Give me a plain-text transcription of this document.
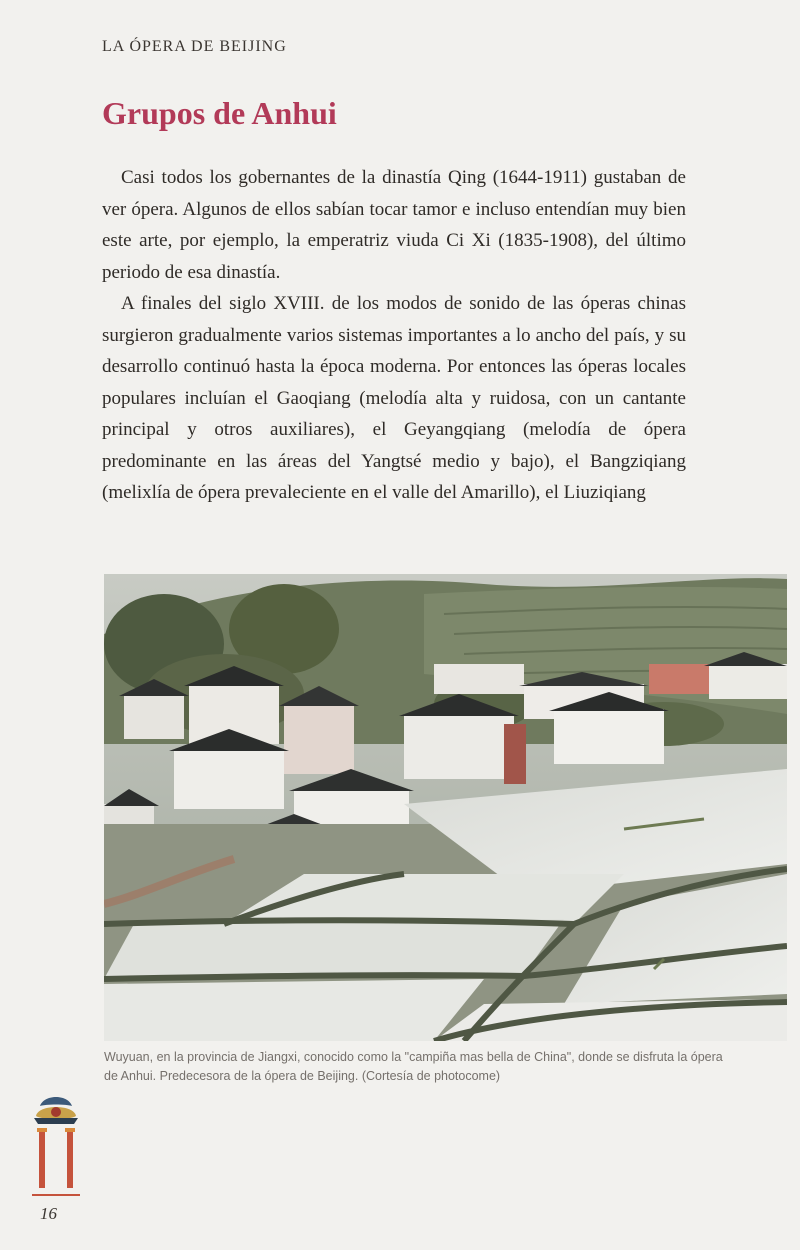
LA ÓPERA DE BEIJING
Grupos de Anhui

Casi todos los gobernantes de la dinastía Qing (1644-1911) gustaban de ver ópera. Algunos de ellos sabían tocar tamor e incluso entendían muy bien este arte, por ejemplo, la emperatriz viuda Ci Xi (1835-1908), del último periodo de esa dinastía.

A finales del siglo XVIII. de los modos de sonido de las óperas chinas surgieron gradualmente varios sistemas importantes a lo ancho del país, y su desarrollo continuó hasta la época moderna. Por entonces las óperas locales populares incluían el Gaoqiang (melodía alta y ruidosa, con un cantante principal y otros auxiliares), el Geyangqiang (melodía de ópera predominante en las áreas del Yangtsé medio y bajo), el Bangziqiang (melixlía de ópera prevaleciente en el valle del Amarillo), el Liuziqiang

Wuyuan, en la provincia de Jiangxi, conocido como la "campiña mas bella de China", donde se disfruta la ópera de Anhui. Predecesora de la ópera de Beijing. (Cortesía de photocome)
16
